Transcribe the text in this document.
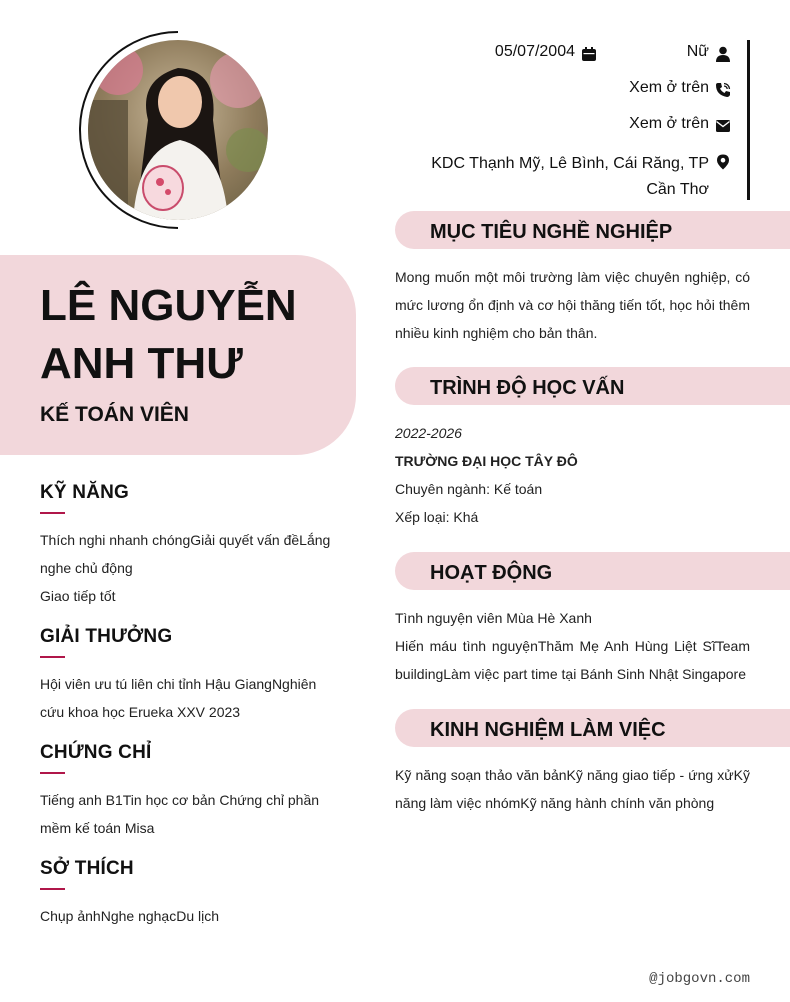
LÊ NGUYỄN ANH THƯ
KẾ TOÁN VIÊN
KỸ NĂNG

Thích nghi nhanh chóngGiải quyết vấn đềLắng nghe chủ động

Giao tiếp tốt

GIẢI THƯỞNG

Hội viên ưu tú liên chi tỉnh Hậu GiangNghiên cứu khoa học Erueka XXV 2023

CHỨNG CHỈ

Tiếng anh B1Tin học cơ bản Chứng chỉ phần mềm kế toán Misa

SỞ THÍCH

Chụp ảnhNghe nghạcDu lịch

05/07/2004	Nữ
Xem ở trên
Xem ở trên
KDC Thạnh Mỹ, Lê Bình, Cái Răng, TP Cần Thơ
MỤC TIÊU NGHỀ NGHIỆP

Mong muốn một môi trường làm việc chuyên nghiệp, có mức lương ổn định và cơ hội thăng tiến tốt, học hỏi thêm nhiều kinh nghiệm cho bản thân.

TRÌNH ĐỘ HỌC VẤN

2022-2026

TRƯỜNG ĐẠI HỌC TÂY ĐÔ

Chuyên ngành: Kế toán

Xếp loại: Khá

HOẠT ĐỘNG

Tình nguyện viên Mùa Hè Xanh

Hiến máu tình nguyệnThăm Mẹ Anh Hùng Liệt SĩTeam buildingLàm việc part time tại Bánh Sinh Nhật Singapore

KINH NGHIỆM LÀM VIỆC

Kỹ năng soạn thảo văn bảnKỹ năng giao tiếp - ứng xửKỹ năng làm việc nhómKỹ năng hành chính văn phòng

@jobgovn.com
